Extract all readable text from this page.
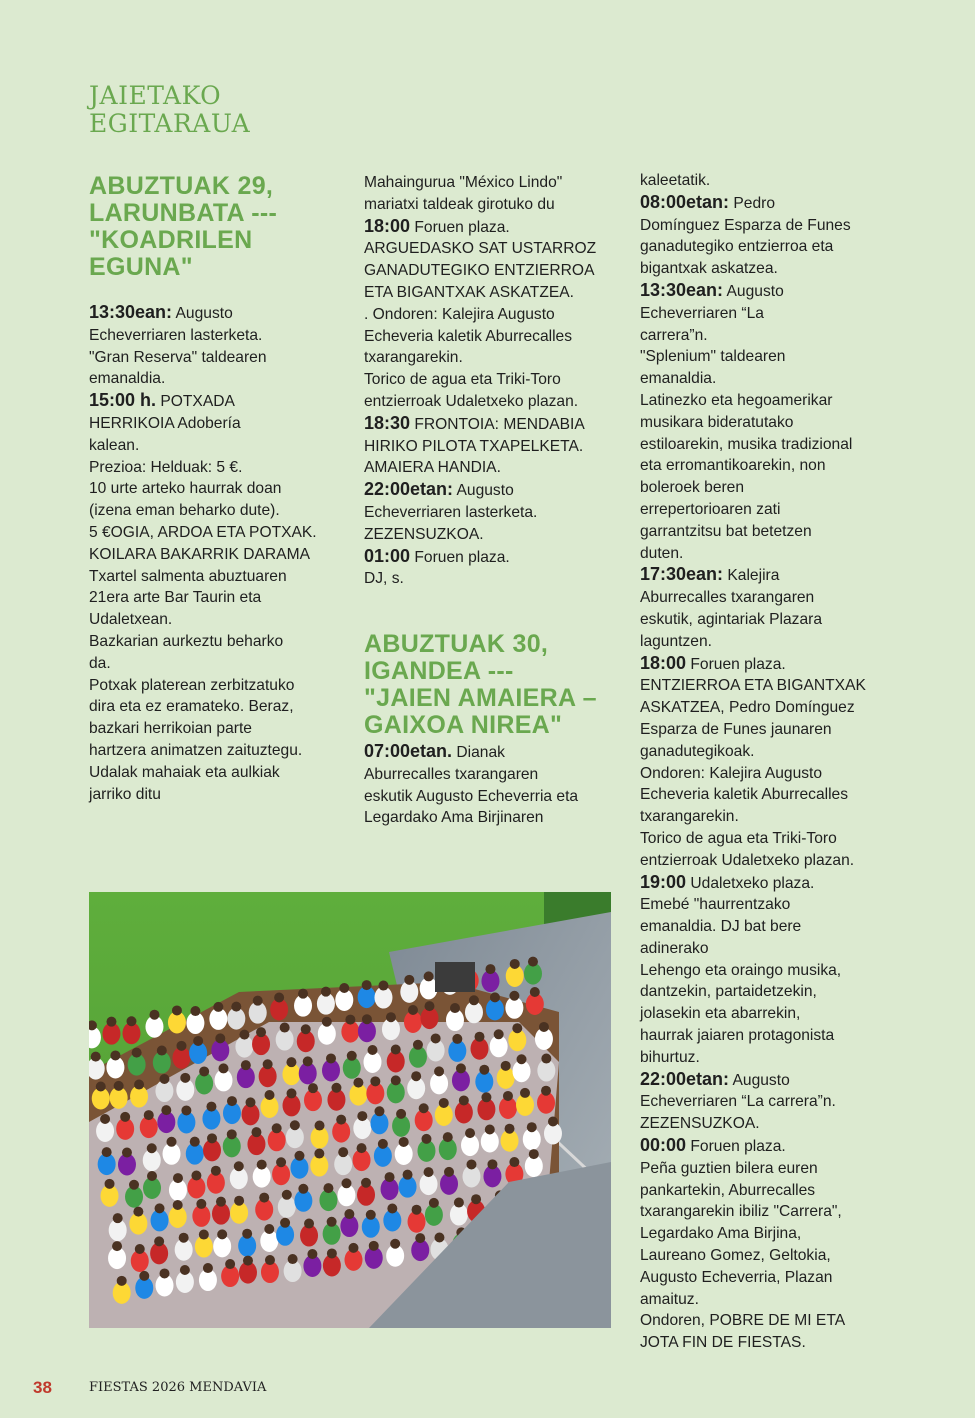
JAIETAKO
EGITARAUA
ABUZTUAK 29,
LARUNBATA ---
"KOADRILEN
EGUNA"
13:30ean: Augusto
Echeverriaren lasterketa.
"Gran Reserva" taldearen
emanaldia.
15:00 h. POTXADA
HERRIKOIA Adobería
kalean.
Prezioa: Helduak: 5 €.
10 urte arteko haurrak doan
(izena eman beharko dute).
5 €OGIA, ARDOA ETA POTXAK.
KOILARA BAKARRIK DARAMA
Txartel salmenta abuztuaren
21era arte Bar Taurin eta
Udaletxean.
Bazkarian aurkeztu beharko
da.
Potxak platerean zerbitzatuko
dira eta ez eramateko. Beraz,
bazkari herrikoian parte
hartzera animatzen zaituztegu.
Udalak mahaiak eta aulkiak
jarriko ditu
Mahaingurua "México Lindo"
mariatxi taldeak girotuko du
18:00 Foruen plaza.
ARGUEDASKO SAT USTARROZ
GANADUTEGIKO ENTZIERROA
ETA BIGANTXAK ASKATZEA.
. Ondoren: Kalejira Augusto
Echeveria kaletik Aburrecalles
txarangarekin.
Torico de agua eta Triki-Toro
entzierroak Udaletxeko plazan.
18:30 FRONTOIA: MENDABIA
HIRIKO PILOTA TXAPELKETA.
AMAIERA HANDIA.
22:00etan: Augusto
Echeverriaren lasterketa.
ZEZENSUZKOA.
01:00 Foruen plaza.
DJ, s.
ABUZTUAK 30,
IGANDEA ---
"JAIEN AMAIERA –
GAIXOA NIREA"
07:00etan. Dianak
Aburrecalles txarangaren
eskutik Augusto Echeverria eta
Legardako Ama Birjinaren
kaleetatik.
08:00etan: Pedro
Domínguez Esparza de Funes
ganadutegiko entzierroa eta
bigantxak askatzea.
13:30ean: Augusto
Echeverriaren “La
carrera”n.
"Splenium" taldearen
emanaldia.
Latinezko eta hegoamerikar
musikara bideratutako
estiloarekin, musika tradizional
eta erromantikoarekin, non
boleroek beren
errepertorioaren zati
garrantzitsu bat betetzen
duten.
17:30ean: Kalejira
Aburrecalles txarangaren
eskutik, agintariak Plazara
laguntzen.
18:00 Foruen plaza.
ENTZIERROA ETA BIGANTXAK
ASKATZEA, Pedro Domínguez
Esparza de Funes jaunaren
ganadutegikoak.
Ondoren: Kalejira Augusto
Echeveria kaletik Aburrecalles
txarangarekin.
Torico de agua eta Triki-Toro
entzierroak Udaletxeko plazan.
19:00 Udaletxeko plaza.
Emebé "haurrentzako
emanaldia. DJ bat bere
adinerako
Lehengo eta oraingo musika,
dantzekin, partaidetzekin,
jolasekin eta abarrekin,
haurrak jaiaren protagonista
bihurtuz.
22:00etan: Augusto
Echeverriaren “La carrera”n.
ZEZENSUZKOA.
00:00 Foruen plaza.
Peña guztien bilera euren
pankartekin, Aburrecalles
txarangarekin ibiliz "Carrera",
Legardako Ama Birjina,
Laureano Gomez, Geltokia,
Augusto Echeverria, Plazan
amaituz.
Ondoren, POBRE DE MI ETA
JOTA FIN DE FIESTAS.
38	FIESTAS 2026 MENDAVIA
